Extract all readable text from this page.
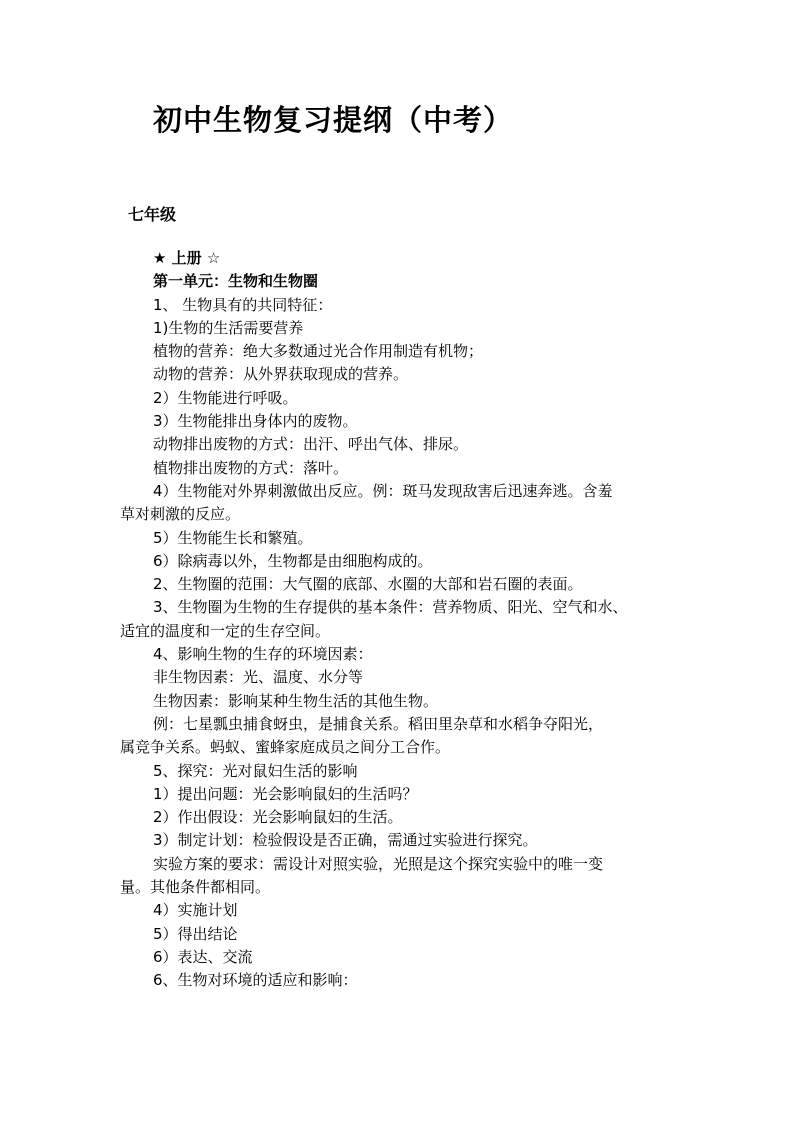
初中生物复习提纲（中考）
七年级
★ 上册 ☆
第一单元：生物和生物圈
1、 生物具有的共同特征：
1)生物的生活需要营养
植物的营养：绝大多数通过光合作用制造有机物；
动物的营养：从外界获取现成的营养。
2）生物能进行呼吸。
3）生物能排出身体内的废物。
动物排出废物的方式：出汗、呼出气体、排尿。
植物排出废物的方式：落叶。
4）生物能对外界刺激做出反应。例：斑马发现敌害后迅速奔逃。含羞
草对刺激的反应。
5）生物能生长和繁殖。
6）除病毒以外，生物都是由细胞构成的。
2、生物圈的范围：大气圈的底部、水圈的大部和岩石圈的表面。
3、生物圈为生物的生存提供的基本条件：营养物质、阳光、空气和水、
适宜的温度和一定的生存空间。
4、影响生物的生存的环境因素：
非生物因素：光、温度、水分等
生物因素：影响某种生物生活的其他生物。
例：七星瓢虫捕食蚜虫，是捕食关系。稻田里杂草和水稻争夺阳光，
属竞争关系。蚂蚁、蜜蜂家庭成员之间分工合作。
5、探究：光对鼠妇生活的影响
1）提出问题：光会影响鼠妇的生活吗？
2）作出假设：光会影响鼠妇的生活。
3）制定计划：检验假设是否正确，需通过实验进行探究。
实验方案的要求：需设计对照实验，光照是这个探究实验中的唯一变
量。其他条件都相同。
4）实施计划
5）得出结论
6）表达、交流
6、生物对环境的适应和影响：
